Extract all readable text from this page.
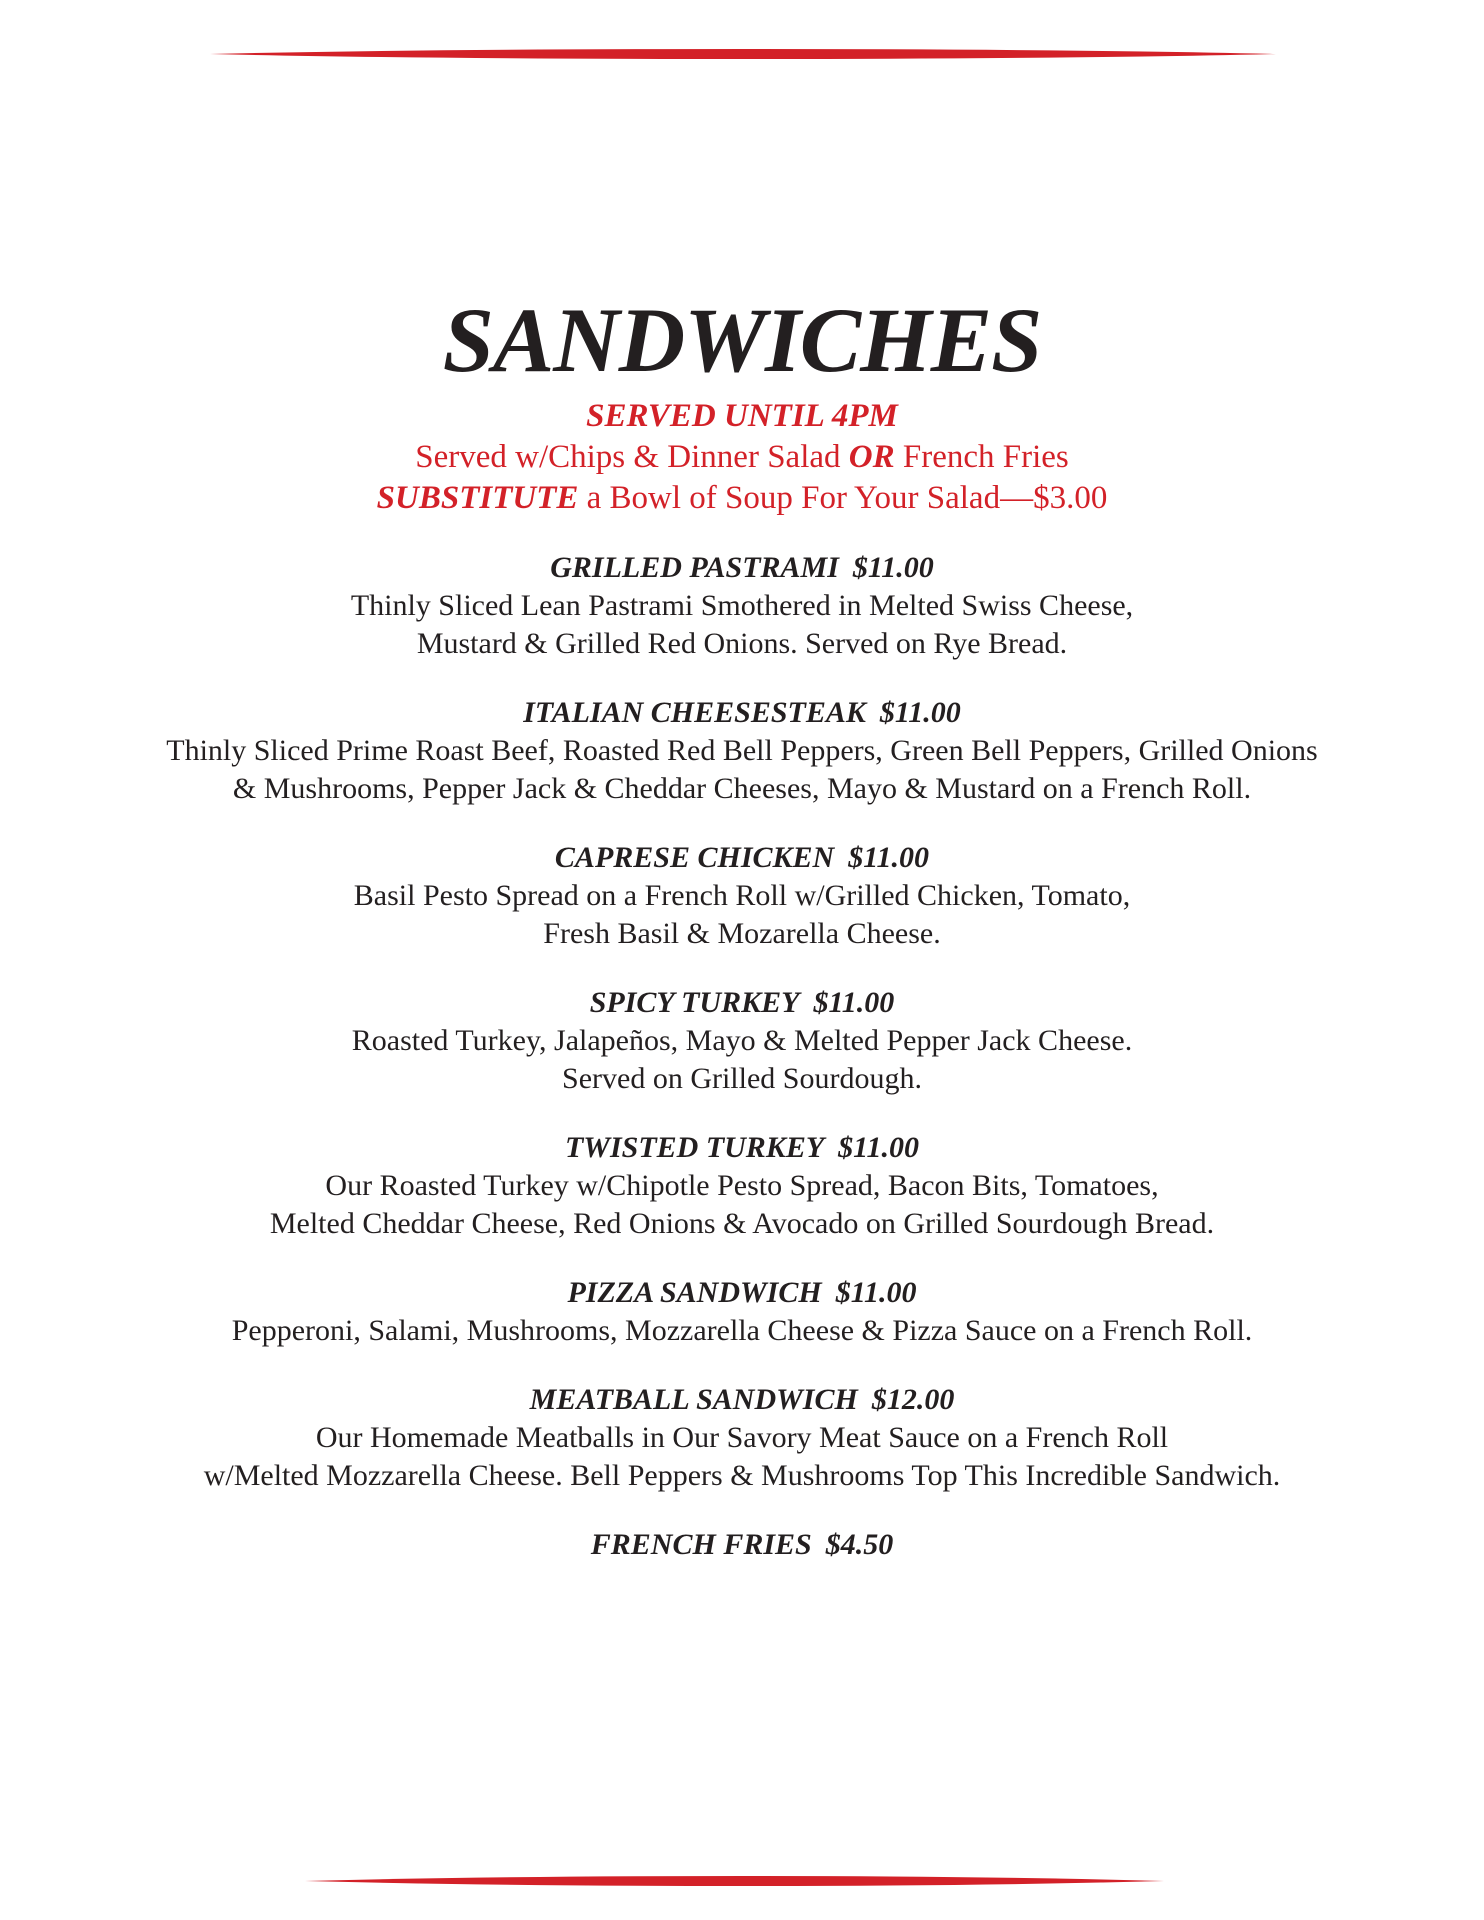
SANDWICHES
SERVED UNTIL 4PM
Served w/Chips & Dinner Salad OR French Fries
SUBSTITUTE a Bowl of Soup For Your Salad—$3.00
GRILLED PASTRAMI $11.00
Thinly Sliced Lean Pastrami Smothered in Melted Swiss Cheese,
Mustard & Grilled Red Onions. Served on Rye Bread.
ITALIAN CHEESESTEAK $11.00
Thinly Sliced Prime Roast Beef, Roasted Red Bell Peppers, Green Bell Peppers, Grilled Onions
& Mushrooms, Pepper Jack & Cheddar Cheeses, Mayo & Mustard on a French Roll.
CAPRESE CHICKEN $11.00
Basil Pesto Spread on a French Roll w/Grilled Chicken, Tomato,
Fresh Basil & Mozarella Cheese.
SPICY TURKEY $11.00
Roasted Turkey, Jalapeños, Mayo & Melted Pepper Jack Cheese.
Served on Grilled Sourdough.
TWISTED TURKEY $11.00
Our Roasted Turkey w/Chipotle Pesto Spread, Bacon Bits, Tomatoes,
Melted Cheddar Cheese, Red Onions & Avocado on Grilled Sourdough Bread.
PIZZA SANDWICH $11.00
Pepperoni, Salami, Mushrooms, Mozzarella Cheese & Pizza Sauce on a French Roll.
MEATBALL SANDWICH $12.00
Our Homemade Meatballs in Our Savory Meat Sauce on a French Roll
w/Melted Mozzarella Cheese. Bell Peppers & Mushrooms Top This Incredible Sandwich.
FRENCH FRIES $4.50
